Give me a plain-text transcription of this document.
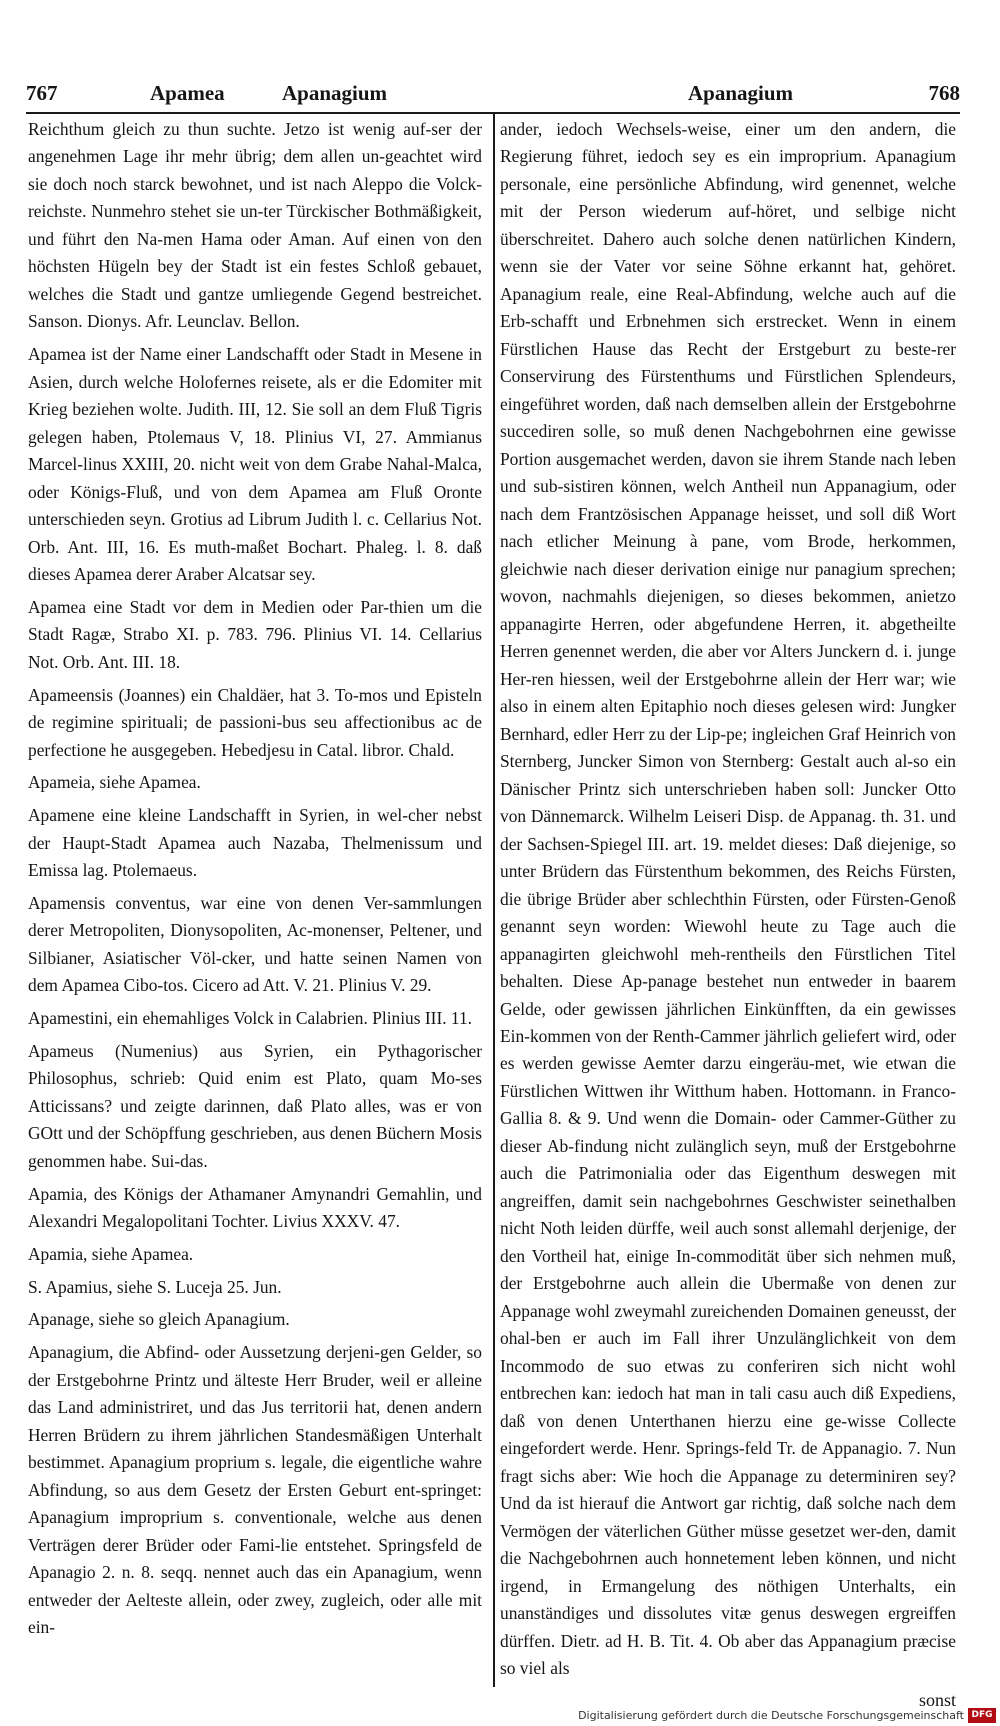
767	Apamea	Apanagium	Apanagium	768

Reichthum gleich zu thun suchte. Jetzo ist wenig auf-ser der angenehmen Lage ihr mehr übrig; dem allen un-geachtet wird sie doch noch starck bewohnet, und ist nach Aleppo die Volck-reichste. Nunmehro stehet sie un-ter Türckischer Bothmäßigkeit, und führt den Na-men Hama oder Aman. Auf einen von den höchsten Hügeln bey der Stadt ist ein festes Schloß gebauet, welches die Stadt und gantze umliegende Gegend bestreichet. Sanson. Dionys. Afr. Leunclav. Bellon.

Apamea ist der Name einer Landschafft oder Stadt in Mesene in Asien, durch welche Holofernes reisete, als er die Edomiter mit Krieg beziehen wolte. Judith. III, 12. Sie soll an dem Fluß Tigris gelegen haben, Ptolemaus V, 18. Plinius VI, 27. Ammianus Marcel-linus XXIII, 20. nicht weit von dem Grabe Nahal-Malca, oder Königs-Fluß, und von dem Apamea am Fluß Oronte unterschieden seyn. Grotius ad Librum Judith l. c. Cellarius Not. Orb. Ant. III, 16. Es muth-maßet Bochart. Phaleg. l. 8. daß dieses Apamea derer Araber Alcatsar sey.

Apamea eine Stadt vor dem in Medien oder Par-thien um die Stadt Ragæ, Strabo XI. p. 783. 796. Plinius VI. 14. Cellarius Not. Orb. Ant. III. 18.

Apameensis (Joannes) ein Chaldäer, hat 3. To-mos und Episteln de regimine spirituali; de passioni-bus seu affectionibus ac de perfectione he ausgegeben. Hebedjesu in Catal. libror. Chald.

Apameia, siehe Apamea.

Apamene eine kleine Landschafft in Syrien, in wel-cher nebst der Haupt-Stadt Apamea auch Nazaba, Thelmenissum und Emissa lag. Ptolemaeus.

Apamensis conventus, war eine von denen Ver-sammlungen derer Metropoliten, Dionysopoliten, Ac-monenser, Peltener, und Silbianer, Asiatischer Völ-cker, und hatte seinen Namen von dem Apamea Cibo-tos. Cicero ad Att. V. 21. Plinius V. 29.

Apamestini, ein ehemahliges Volck in Calabrien. Plinius III. 11.

Apameus (Numenius) aus Syrien, ein Pythagorischer Philosophus, schrieb: Quid enim est Plato, quam Mo-ses Atticissans? und zeigte darinnen, daß Plato alles, was er von GOtt und der Schöpffung geschrieben, aus denen Büchern Mosis genommen habe. Sui-das.

Apamia, des Königs der Athamaner Amynandri Gemahlin, und Alexandri Megalopolitani Tochter. Livius XXXV. 47.

Apamia, siehe Apamea.

S. Apamius, siehe S. Luceja 25. Jun.

Apanage, siehe so gleich Apanagium.

Apanagium, die Abfind- oder Aussetzung derjeni-gen Gelder, so der Erstgebohrne Printz und älteste Herr Bruder, weil er alleine das Land administriret, und das Jus territorii hat, denen andern Herren Brüdern zu ihrem jährlichen Standesmäßigen Unterhalt bestimmet. Apanagium proprium s. legale, die eigentliche wahre Abfindung, so aus dem Gesetz der Ersten Geburt ent-springet: Apanagium improprium s. conventionale, welche aus denen Verträgen derer Brüder oder Fami-lie entstehet. Springsfeld de Apanagio 2. n. 8. seqq. nennet auch das ein Apanagium, wenn entweder der Aelteste allein, oder zwey, zugleich, oder alle mit ein-

ander, iedoch Wechsels-weise, einer um den andern, die Regierung führet, iedoch sey es ein improprium. Apanagium personale, eine persönliche Abfindung, wird genennet, welche mit der Person wiederum auf-höret, und selbige nicht überschreitet. Dahero auch solche denen natürlichen Kindern, wenn sie der Vater vor seine Söhne erkannt hat, gehöret. Apanagium reale, eine Real-Abfindung, welche auch auf die Erb-schafft und Erbnehmen sich erstrecket. Wenn in einem Fürstlichen Hause das Recht der Erstgeburt zu beste-rer Conservirung des Fürstenthums und Fürstlichen Splendeurs, eingeführet worden, daß nach demselben allein der Erstgebohrne succediren solle, so muß denen Nachgebohrnen eine gewisse Portion ausgemachet werden, davon sie ihrem Stande nach leben und sub-sistiren können, welch Antheil nun Appanagium, oder nach dem Frantzösischen Appanage heisset, und soll diß Wort nach etlicher Meinung à pane, vom Brode, herkommen, gleichwie nach dieser derivation einige nur panagium sprechen; wovon, nachmahls diejenigen, so dieses bekommen, anietzo appanagirte Herren, oder abgefundene Herren, it. abgetheilte Herren genennet werden, die aber vor Alters Junckern d. i. junge Her-ren hiessen, weil der Erstgebohrne allein der Herr war; wie also in einem alten Epitaphio noch dieses gelesen wird: Jungker Bernhard, edler Herr zu der Lip-pe; ingleichen Graf Heinrich von Sternberg, Juncker Simon von Sternberg: Gestalt auch al-so ein Dänischer Printz sich unterschrieben haben soll: Juncker Otto von Dännemarck. Wilhelm Leiseri Disp. de Appanag. th. 31. und der Sachsen-Spiegel III. art. 19. meldet dieses: Daß diejenige, so unter Brüdern das Fürstenthum bekommen, des Reichs Fürsten, die übrige Brüder aber schlechthin Fürsten, oder Fürsten-Genoß genannt seyn worden: Wiewohl heute zu Tage auch die appanagirten gleichwohl meh-rentheils den Fürstlichen Titel behalten. Diese Ap-panage bestehet nun entweder in baarem Gelde, oder gewissen jährlichen Einkünfften, da ein gewisses Ein-kommen von der Renth-Cammer jährlich geliefert wird, oder es werden gewisse Aemter darzu eingeräu-met, wie etwan die Fürstlichen Wittwen ihr Witthum haben. Hottomann. in Franco-Gallia 8. & 9. Und wenn die Domain- oder Cammer-Güther zu dieser Ab-findung nicht zulänglich seyn, muß der Erstgebohrne auch die Patrimonialia oder das Eigenthum deswegen mit angreiffen, damit sein nachgebohrnes Geschwister seinethalben nicht Noth leiden dürffe, weil auch sonst allemahl derjenige, der den Vortheil hat, einige In-commodität über sich nehmen muß, der Erstgebohrne auch allein die Ubermaße von denen zur Appanage wohl zweymahl zureichenden Domainen geneusst, der ohal-ben er auch im Fall ihrer Unzulänglichkeit von dem Incommodo de suo etwas zu conferiren sich nicht wohl entbrechen kan: iedoch hat man in tali casu auch diß Expediens, daß von denen Unterthanen hierzu eine ge-wisse Collecte eingefordert werde. Henr. Springs-feld Tr. de Appanagio. 7. Nun fragt sichs aber: Wie hoch die Appanage zu determiniren sey? Und da ist hierauf die Antwort gar richtig, daß solche nach dem Vermögen der väterlichen Güther müsse gesetzet wer-den, damit die Nachgebohrnen auch honnetement leben können, und nicht irgend, in Ermangelung des nöthigen Unterhalts, ein unanständiges und dissolutes vitæ genus deswegen ergreiffen dürffen. Dietr. ad H. B. Tit. 4. Ob aber das Appanagium præcise so viel als

sonst
Digitalisierung gefördert durch die Deutsche Forschungsgemeinschaft DFG
